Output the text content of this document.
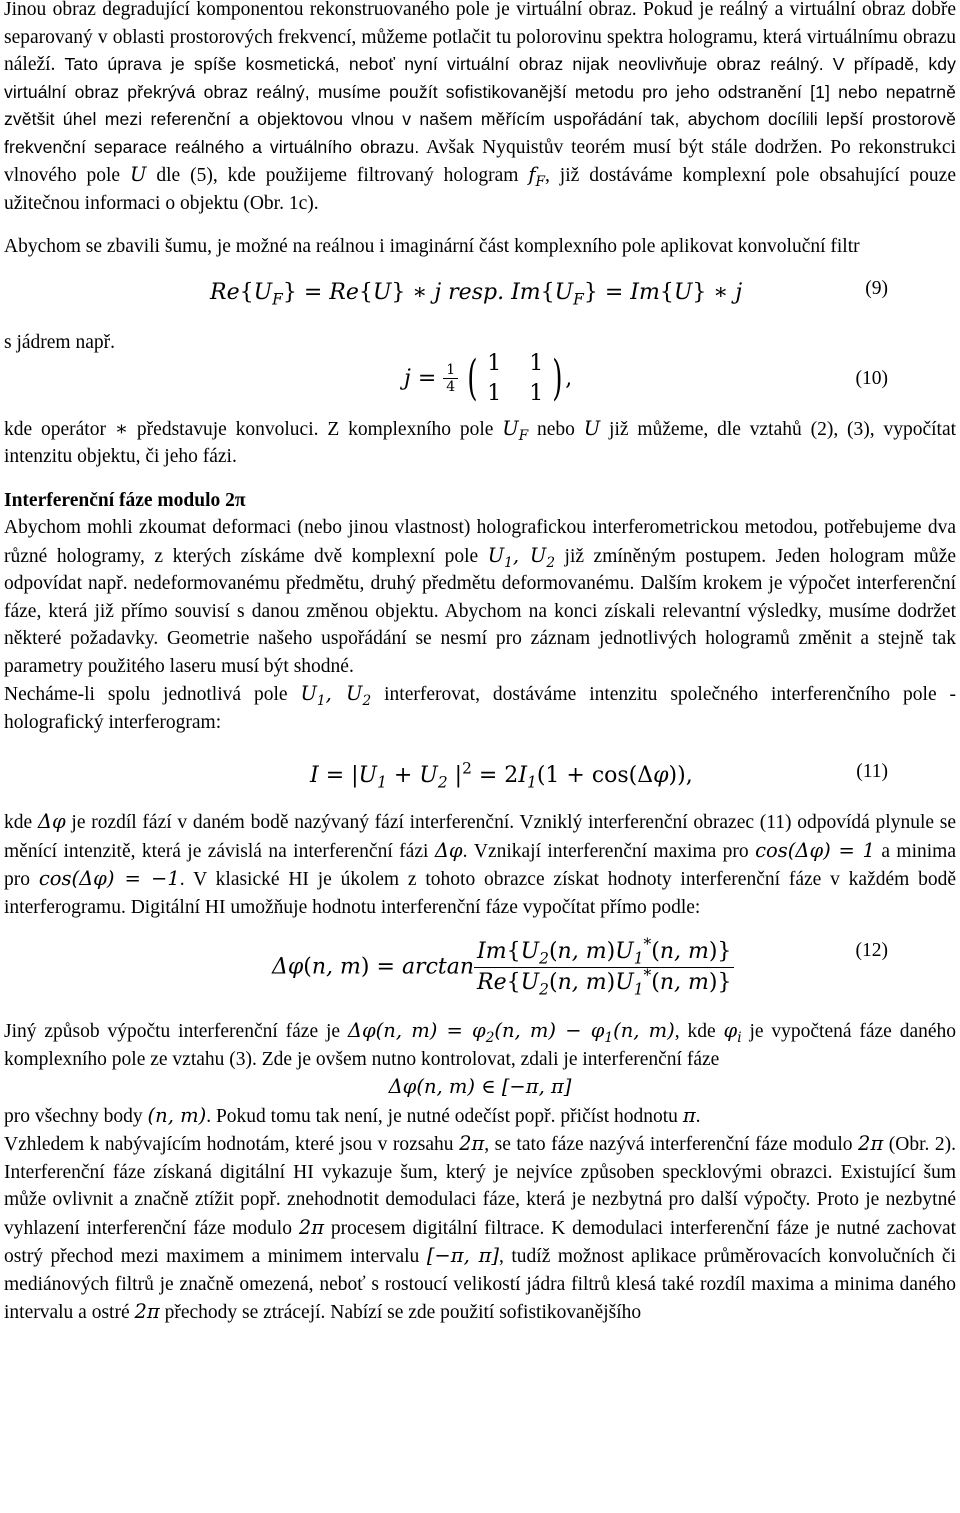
Jinou obraz degradující komponentou rekonstruovaného pole je virtuální obraz. Pokud je reálný a virtuální obraz dobře separovaný v oblasti prostorových frekvencí, můžeme potlačit tu polorovinu spektra hologramu, která virtuálnímu obrazu náleží. Tato úprava je spíše kosmetická, neboť nyní virtuální obraz nijak neovlivňuje obraz reálný. V případě, kdy virtuální obraz překrývá obraz reálný, musíme použít sofistikovanější metodu pro jeho odstranění [1] nebo nepatrně zvětšit úhel mezi referenční a objektovou vlnou v našem měřícím uspořádání tak, abychom docílili lepší prostorově frekvenční separace reálného a virtuálního obrazu. Avšak Nyquistův teorém musí být stále dodržen. Po rekonstrukci vlnového pole U dle (5), kde použijeme filtrovaný hologram $f_F$, již dostáváme komplexní pole obsahující pouze užitečnou informaci o objektu (Obr. 1c).

Abychom se zbavili šumu, je možné na reálnou i imaginární část komplexního pole aplikovat konvoluční filtr

$Re\{U_F\} = Re\{U\}$ ∗ j resp. $Im\{U_F\} = Im\{U\}$ ∗ j	(9)
s jádrem např.
$j = \frac{1}{4}$
( 1	1
1	1 ) ,	(10)

kde operátor ∗ představuje konvoluci. Z komplexního pole $U_F$ nebo U již můžeme, dle vztahů (2), (3), vypočítat intenzitu objektu, či jeho fázi.

Interferenční fáze modulo 2π

Abychom mohli zkoumat deformaci (nebo jinou vlastnost) holografickou interferometrickou metodou, potřebujeme dva různé hologramy, z kterých získáme dvě komplexní pole $U_1$, $U_2$ již zmíněným postupem. Jeden hologram může odpovídat např. nedeformovanému předmětu, druhý předmětu deformovanému. Dalším krokem je výpočet interferenční fáze, která již přímo souvisí s danou změnou objektu. Abychom na konci získali relevantní výsledky, musíme dodržet některé požadavky. Geometrie našeho uspořádání se nesmí pro záznam jednotlivých hologramů změnit a stejně tak parametry použitého laseru musí být shodné.

Necháme-li spolu jednotlivá pole $U_1$, $U_2$ interferovat, dostáváme intenzitu společného interferenčního pole - holografický interferogram:

$I = |U_1 + U_2$ $|^2 = 2I_1(1 + \cos(\Delta\varphi))$,	(11)

kde Δφ je rozdíl fází v daném bodě nazývaný fází interferenční. Vzniklý interferenční obrazec (11) odpovídá plynule se měnící intenzitě, která je závislá na interferenční fázi Δφ. Vznikají interferenční maxima pro cos(Δφ) = 1 a minima pro cos(Δφ) = −1. V klasické HI je úkolem z tohoto obrazce získat hodnoty interferenční fáze v každém bodě interferogramu. Digitální HI umožňuje hodnotu interferenční fáze vypočítat přímo podle:

Δφ(n, $m) = \arctan \frac{Im\{U_2(n, m)U_1^*(n, m)\}}{Re\{U_2(n, m)U_1^*(n, m)\}}$	(12)

Jiný způsob výpočtu interferenční fáze je Δφ(n, $m) = \varphi_2(n$, $m) - \varphi_1(n$, m), kde $\varphi_i$ je vypočtená fáze daného komplexního pole ze vztahu (3). Zde je ovšem nutno kontrolovat, zdali je interferenční fáze

Δφ(n, m) ∈ [−π, π]

pro všechny body (n, m). Pokud tomu tak není, je nutné odečíst popř. přičíst hodnotu π.

Vzhledem k nabývajícím hodnotám, které jsou v rozsahu 2π, se tato fáze nazývá interferenční fáze modulo 2π (Obr. 2). Interferenční fáze získaná digitální HI vykazuje šum, který je nejvíce způsoben specklovými obrazci. Existující šum může ovlivnit a značně ztížit popř. znehodnotit demodulaci fáze, která je nezbytná pro další výpočty. Proto je nezbytné vyhlazení interferenční fáze modulo 2π procesem digitální filtrace. K demodulaci interferenční fáze je nutné zachovat ostrý přechod mezi maximem a minimem intervalu [−π, π], tudíž možnost aplikace průměrovacích konvolučních či mediánových filtrů je značně omezená, neboť s rostoucí velikostí jádra filtrů klesá také rozdíl maxima a minima daného intervalu a ostré 2π přechody se ztrácejí. Nabízí se zde použití sofistikovanějšího
